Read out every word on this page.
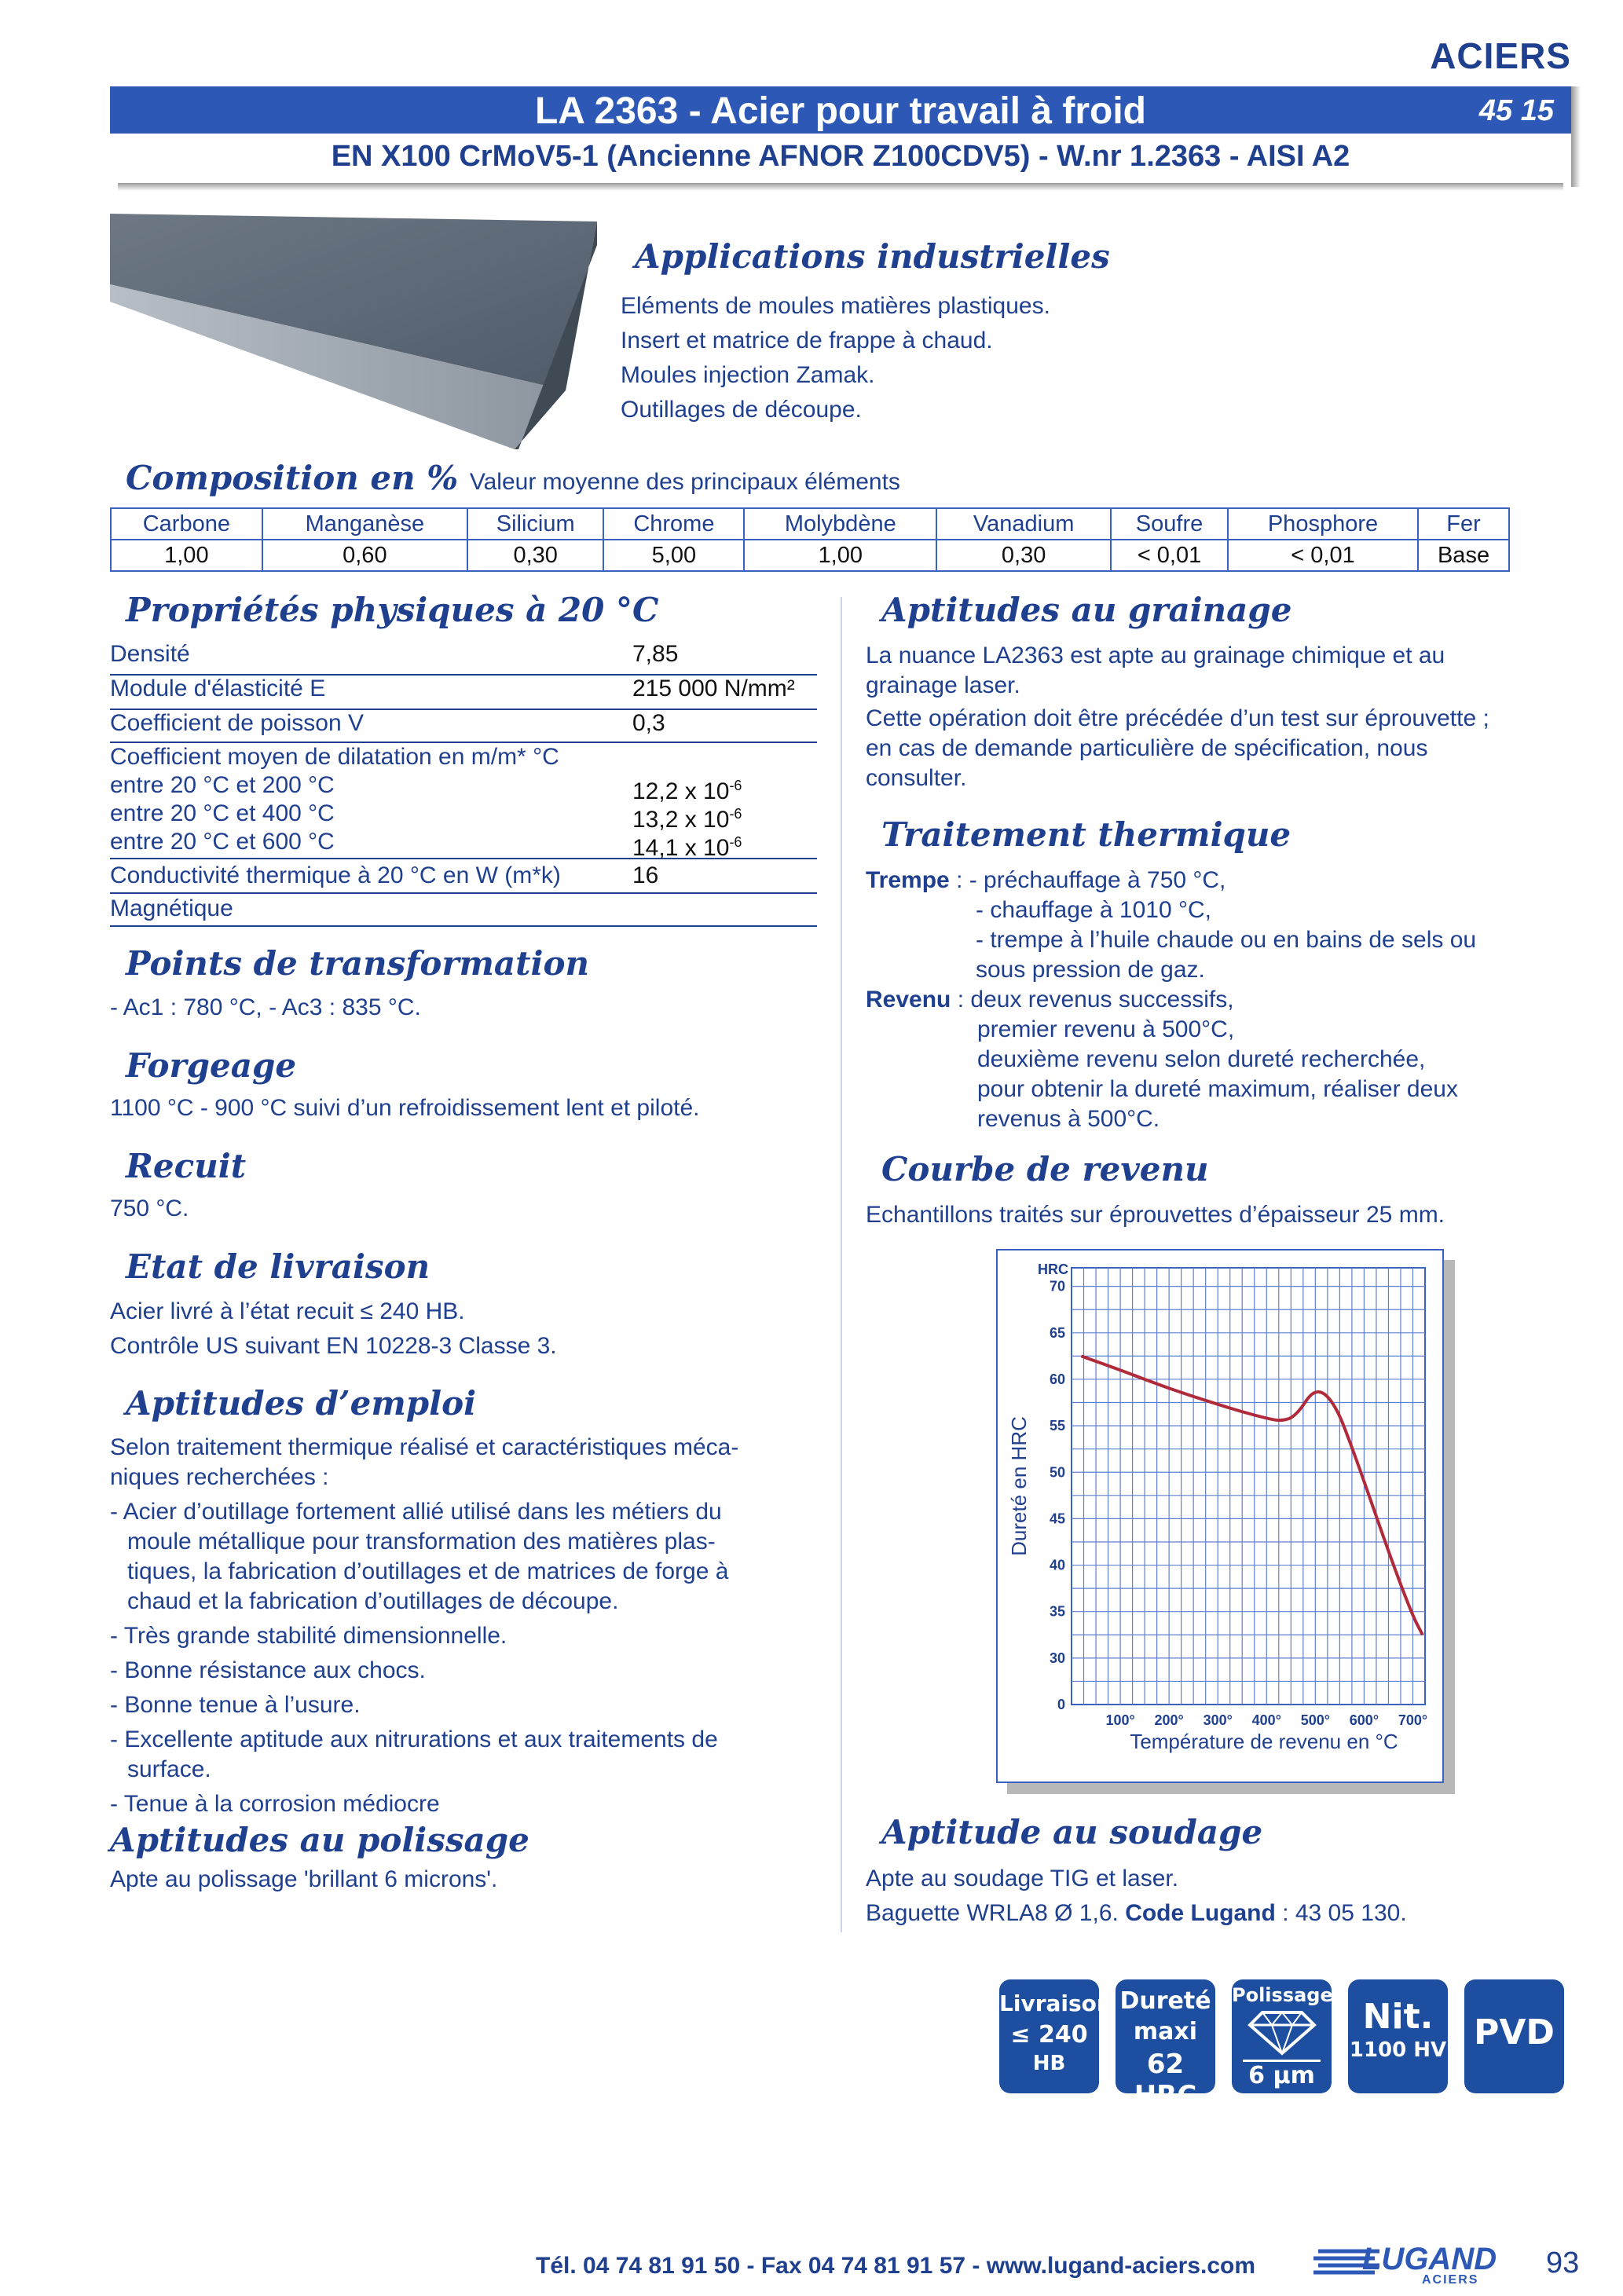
ACIERS
LA 2363 - Acier pour travail à froid	45 15
EN X100 CrMoV5-1 (Ancienne AFNOR Z100CDV5) - W.nr 1.2363 - AISI A2
Applications industrielles
Eléments de moules matières plastiques.
Insert et matrice de frappe à chaud.
Moules injection Zamak.
Outillages de découpe.
Composition en % Valeur moyenne des principaux éléments
Carbone	Manganèse	Silicium	Chrome	Molybdène	Vanadium	Soufre	Phosphore	Fer
1,00	0,60	0,30	5,00	1,00	0,30	< 0,01	< 0,01	Base
Propriétés physiques à 20 °C
Densité	7,85
Module d'élasticité E	215 000 N/mm²
Coefficient de poisson V	0,3
Coefficient moyen de dilatation en m/m* °C
entre 20 °C et 200 °C	12,2 x $10^{-6}$
entre 20 °C et 400 °C	13,2 x $10^{-6}$
entre 20 °C et 600 °C	14,1 x $10^{-6}$
Conductivité thermique à 20 °C en W (m*k)	16
Magnétique
Points de transformation
- Ac1 : 780 °C, - Ac3 : 835 °C.
Forgeage
1100 °C - 900 °C suivi d’un refroidissement lent et piloté.
Recuit
750 °C.
Etat de livraison
Acier livré à l’état recuit ≤ 240 HB.
Contrôle US suivant EN 10228-3 Classe 3.
Aptitudes d’emploi
Selon traitement thermique réalisé et caractéristiques méca-
niques recherchées :
- Acier d’outillage fortement allié utilisé dans les métiers du
moule métallique pour transformation des matières plas-
tiques, la fabrication d’outillages et de matrices de forge à
chaud et la fabrication d’outillages de découpe.
- Très grande stabilité dimensionnelle.
- Bonne résistance aux chocs.
- Bonne tenue à l’usure.
- Excellente aptitude aux nitrurations et aux traitements de
surface.
- Tenue à la corrosion médiocre
Aptitudes au polissage
Apte au polissage 'brillant 6 microns'.
Aptitudes au grainage
La nuance LA2363 est apte au grainage chimique et au
grainage laser.
Cette opération doit être précédée d’un test sur éprouvette ;
en cas de demande particulière de spécification, nous
consulter.
Traitement thermique
Trempe : - préchauffage à 750 °C,
- chauffage à 1010 °C,
- trempe à l’huile chaude ou en bains de sels ou
sous pression de gaz.
Revenu : deux revenus successifs,
premier revenu à 500°C,
deuxième revenu selon dureté recherchée,
pour obtenir la dureté maximum, réaliser deux
revenus à 500°C.
Courbe de revenu
Echantillons traités sur éprouvettes d’épaisseur 25 mm.
0
30
35
40
45
50
55
60
65
70
HRC
100° 200° 300° 400° 500° 600° 700°
Température de revenu en °C
Dureté en HRC
Aptitude au soudage
Apte au soudage TIG et laser.
Baguette WRLA8 Ø 1,6. Code Lugand : 43 05 130.
Livraison
≤ 240
HB
Dureté
maxi
62 HRC
Polissage
6 µm
Nit.
1100 HV PVD
Tél. 04 74 81 91 50 - Fax 04 74 81 91 57 - www.lugand-aciers.com	LUGAND
ACIERS
93
